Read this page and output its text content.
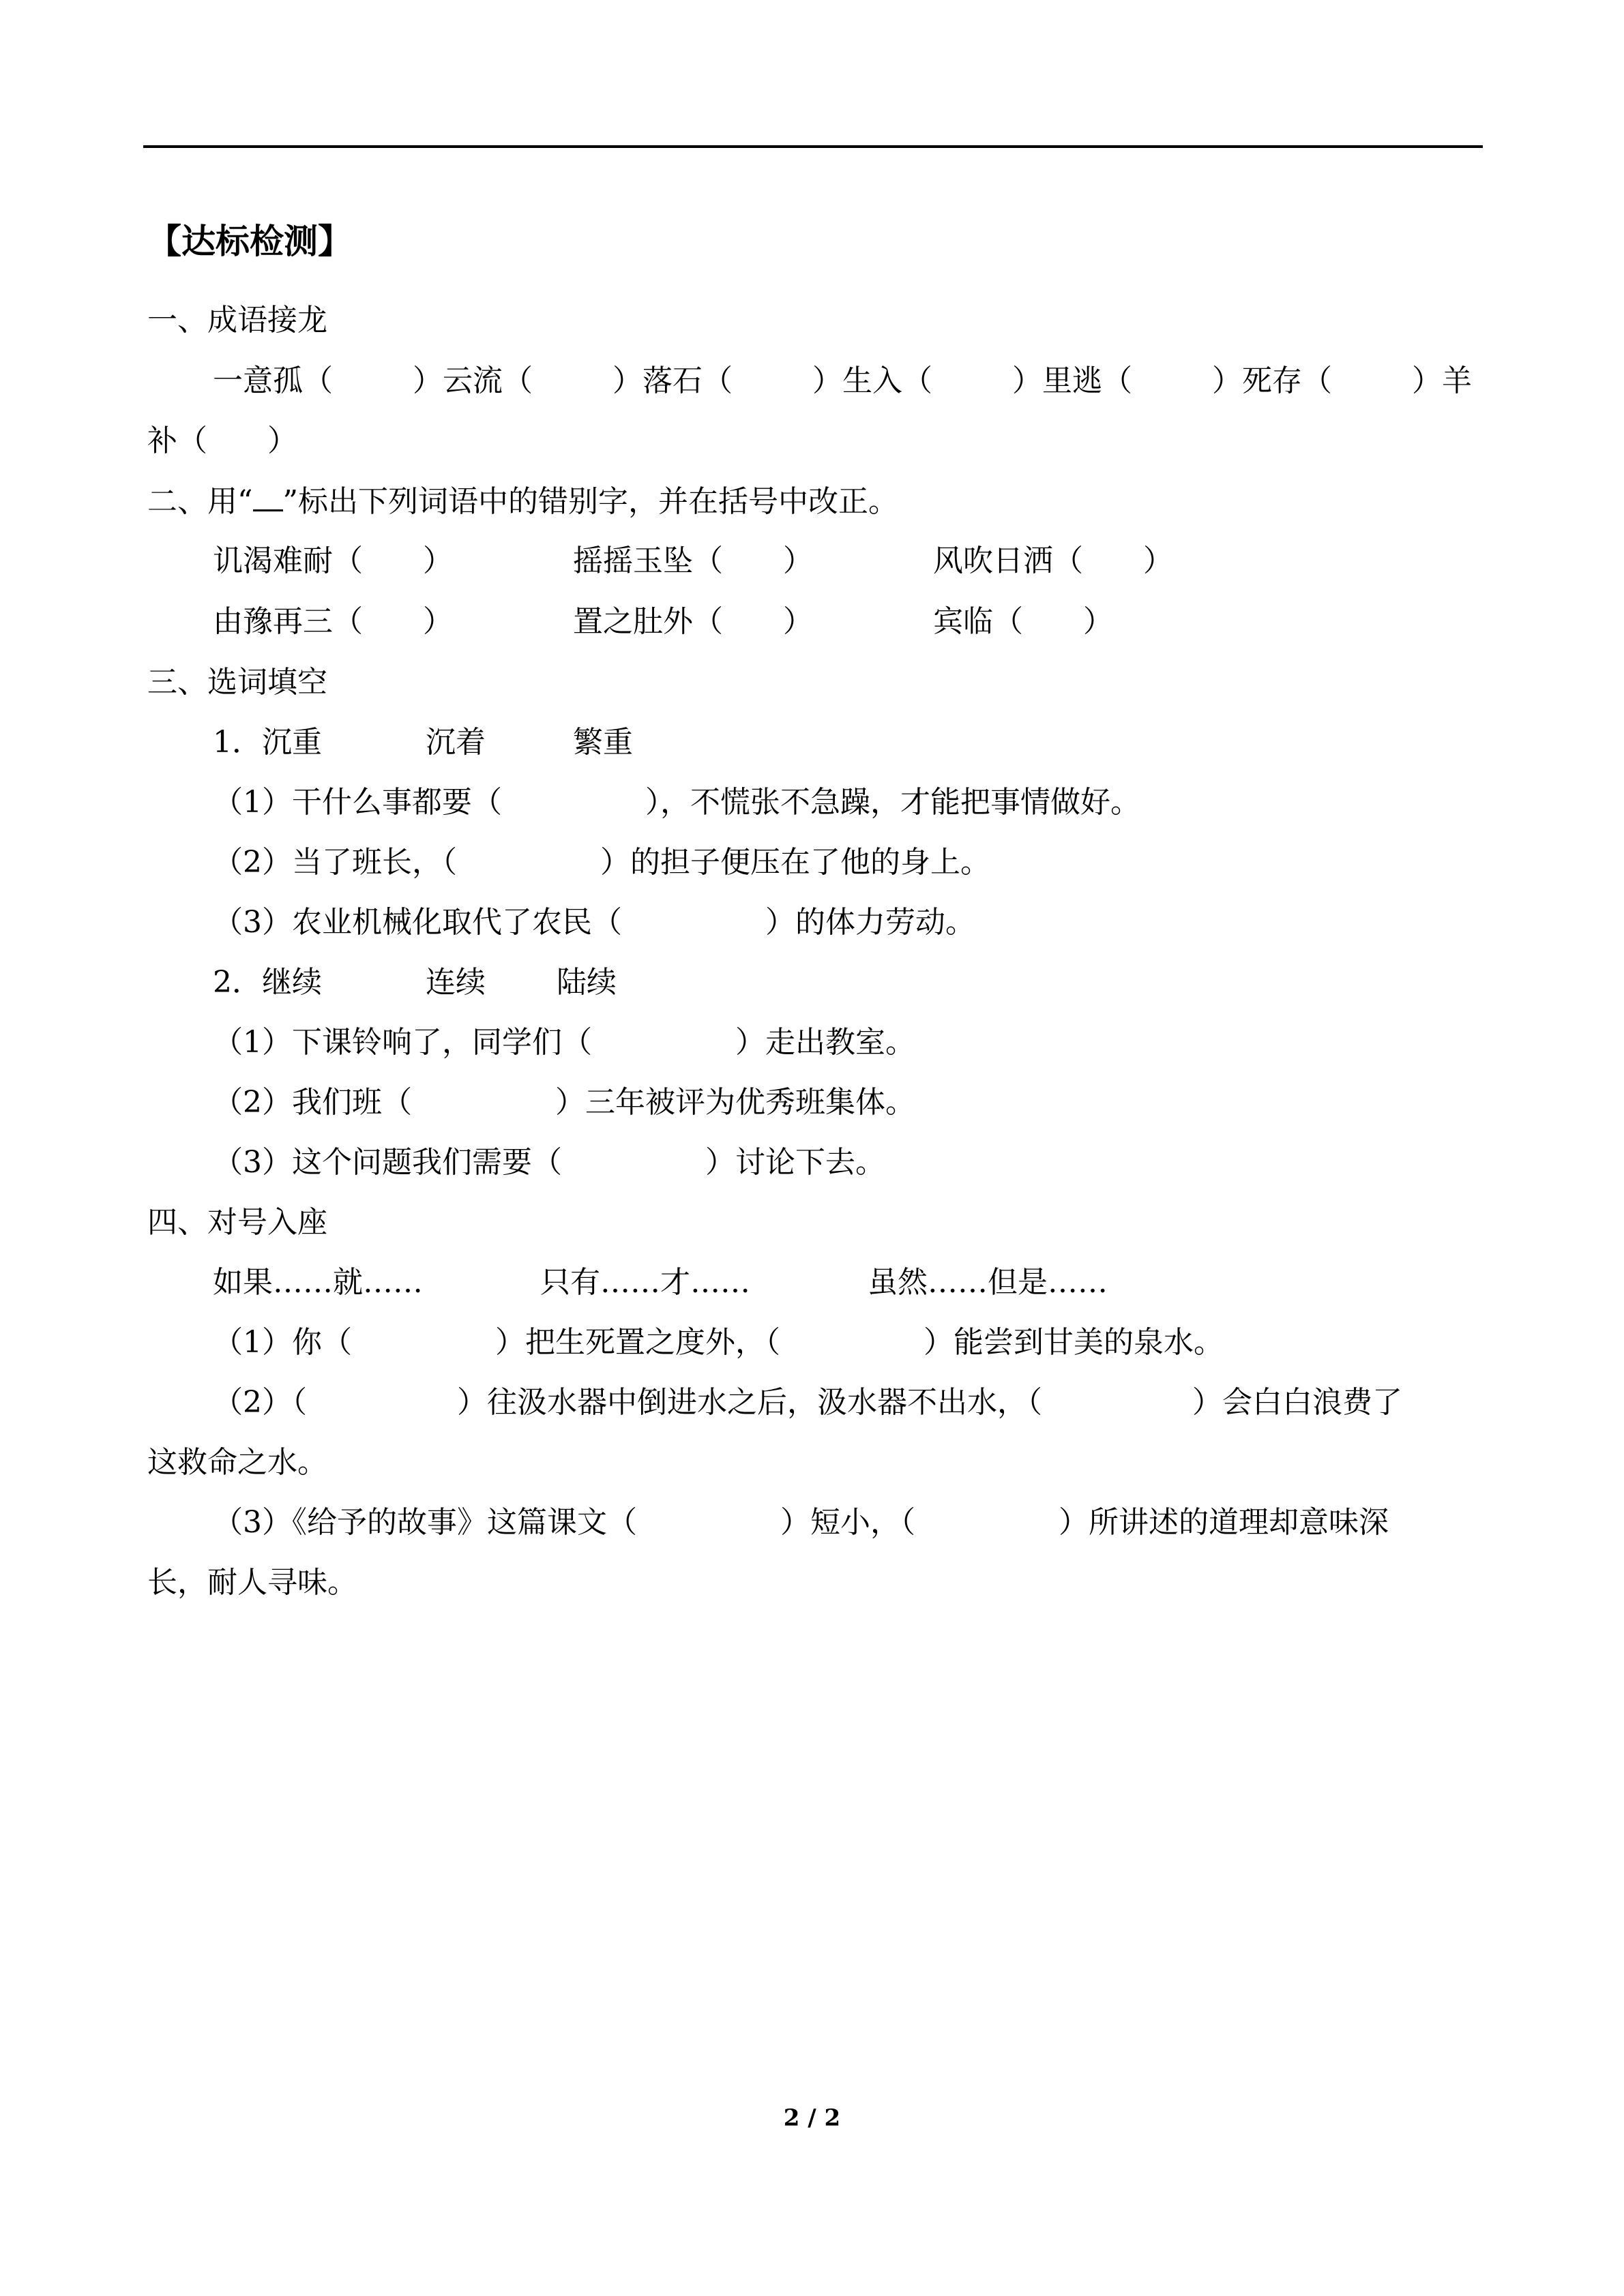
【达标检测】
一、成语接龙
一意孤（	）云流（	）落石（	）生入（	）里逃（	）死存（	）羊
补（　　）
二、用“ ”标出下列词语中的错别字，并在括号中改正。
讥渴难耐（　　）	摇摇玉坠（　　）	风吹日洒（　　）
由豫再三（　　）	置之肚外（　　）	宾临（　　）
三、选词填空
1．沉重	沉着	繁重
（1）干什么事都要（	），不慌张不急躁，才能把事情做好。
（2）当了班长，（	）的担子便压在了他的身上。
（3）农业机械化取代了农民（	）的体力劳动。
2．继续	连续 陆续
（1）下课铃响了，同学们（	）走出教室。
（2）我们班（	）三年被评为优秀班集体。
（3）这个问题我们需要（	）讨论下去。
四、对号入座
如果……就……	只有……才……	虽然……但是……
（1）你（	）把生死置之度外，（	）能尝到甘美的泉水。
（2）（	）往汲水器中倒进水之后，汲水器不出水，（	）会白白浪费了
这救命之水。
（3）《给予的故事》这篇课文（	）短小，（	）所讲述的道理却意味深
长，耐人寻味。
2 / 2
